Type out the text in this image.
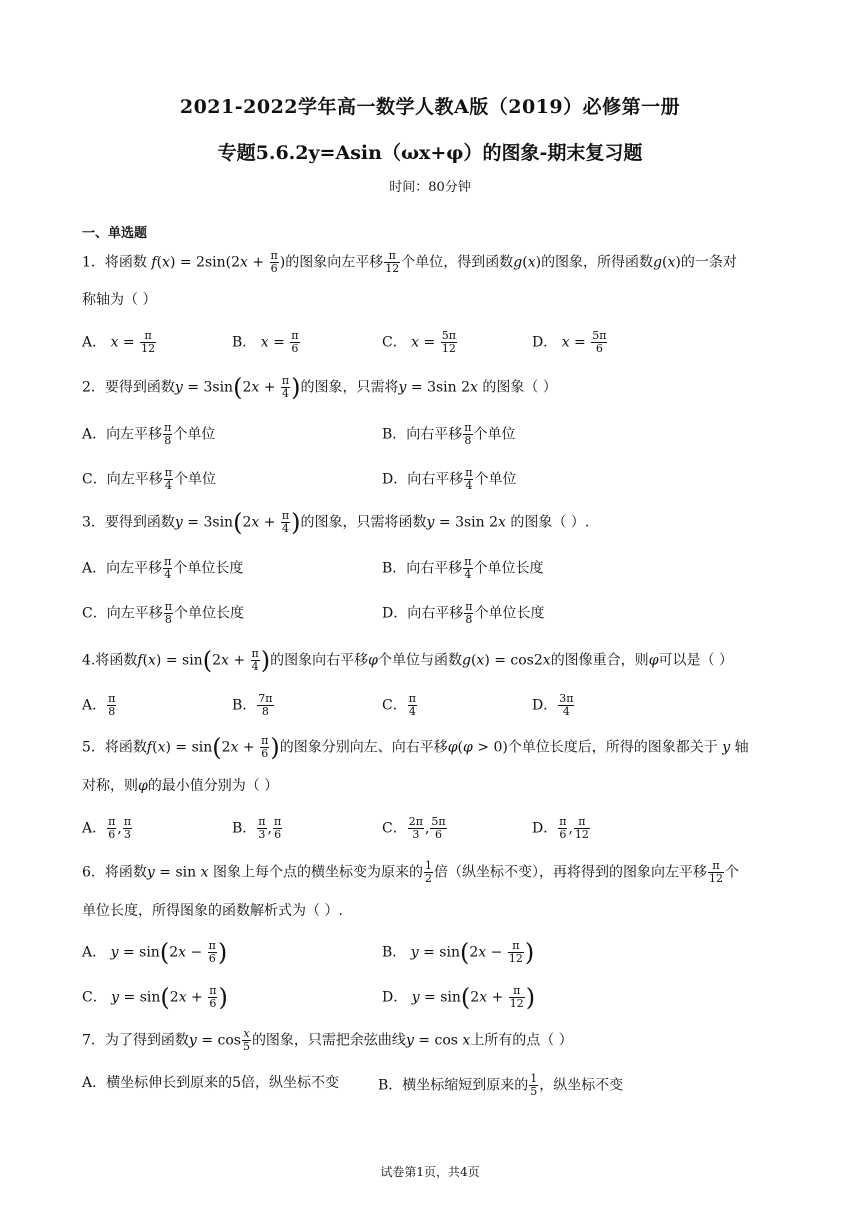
2021-2022学年高一数学人教A版（2019）必修第一册
专题5.6.2y=Asin（ωx+φ）的图象-期末复习题
时间：80分钟
一、单选题
1．将函数 $f(x) = 2\sin(2x + \frac{\pi}{6}$ )的图象向左平移 $\frac{\pi}{12}$ 个单位，得到函数g(x)的图象，所得函数g(x)的一条对
称轴为（ ）
A． $x = \frac{\pi}{12}$	B． $x = \frac{\pi}{6}$	C． $x = \frac{5\pi}{12}$	D． $x = \frac{5\pi}{6}$
2．要得到函数$y = 3\sin(2x + \frac{\pi}{4}$ )的图象，只需将y = 3sin 2x 的图象（ ）
A．向左平移 $\frac{\pi}{8}$ 个单位	B．向右平移 $\frac{\pi}{8}$ 个单位
C．向左平移 $\frac{\pi}{4}$ 个单位	D．向右平移 $\frac{\pi}{4}$ 个单位
3．要得到函数$y = 3\sin(2x + \frac{\pi}{4}$ )的图象，只需将函数y = 3sin 2x 的图象（ ）.
A．向左平移 $\frac{\pi}{4}$ 个单位长度	B．向右平移 $\frac{\pi}{4}$ 个单位长度
C．向左平移 $\frac{\pi}{8}$ 个单位长度	D．向右平移 $\frac{\pi}{8}$ 个单位长度
4.将函数$f(x) = \sin(2x + \frac{\pi}{4}$ )的图象向右平移φ个单位与函数g(x) = cos2x的图像重合，则φ可以是（ ）
A． $\frac{\pi}{8}$	B． $\frac{7\pi}{8}$	C． $\frac{\pi}{4}$	D． $\frac{3\pi}{4}$
5．将函数$f(x) = \sin(2x + \frac{\pi}{6}$ )的图象分别向左、向右平移φ(φ > 0)个单位长度后，所得的图象都关于 y 轴
对称，则φ的最小值分别为（ ）
A． $\frac{\pi}{6}$ , $\frac{\pi}{3}$	B． $\frac{\pi}{3}$ , $\frac{\pi}{6}$	C． $\frac{2\pi}{3}$ , $\frac{5\pi}{6}$	D． $\frac{\pi}{6}$ , $\frac{\pi}{12}$
6．将函数y = sin x 图象上每个点的横坐标变为原来的 $\frac{1}{2}$ 倍（纵坐标不变），再将得到的图象向左平移 $\frac{\pi}{12}$ 个
单位长度，所得图象的函数解析式为（ ）.
A． $y = \sin(2x - \frac{\pi}{6}$ )	B． $y = \sin(2x - \frac{\pi}{12}$ )
C． $y = \sin(2x + \frac{\pi}{6}$ )	D． $y = \sin(2x + \frac{\pi}{12}$ )
7．为了得到函数$y = \cos \frac{x}{5}$ 的图象，只需把余弦曲线y = cos x上所有的点（ ）
A．横坐标伸长到原来的5倍，纵坐标不变	B．横坐标缩短到原来的 $\frac{1}{5}$ ，纵坐标不变
试卷第1页，共4页
